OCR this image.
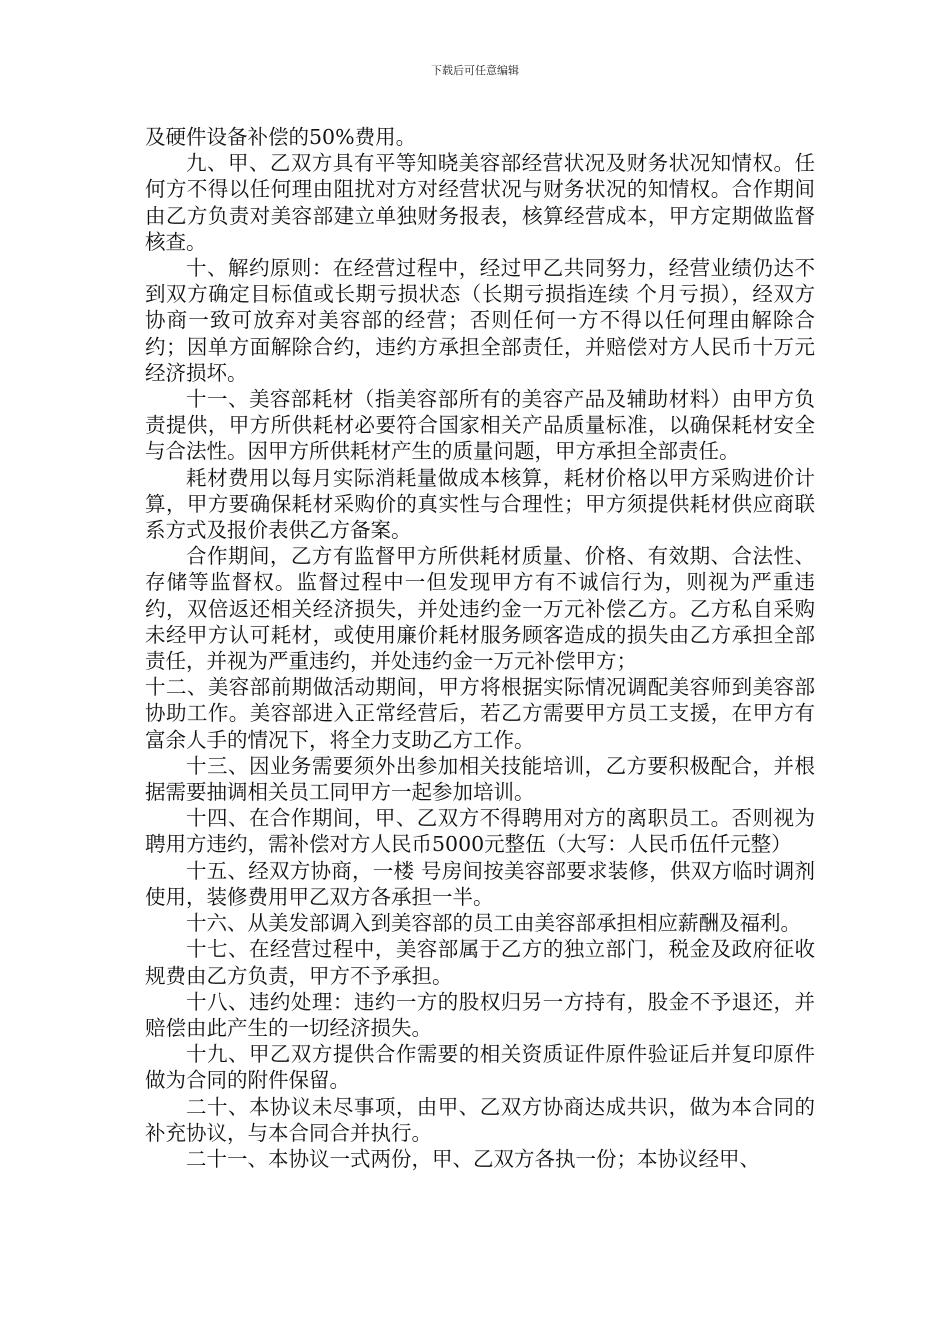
下载后可任意编辑

及硬件设备补偿的50%费用。

九、甲、乙双方具有平等知晓美容部经营状况及财务状况知情权。任何方不得以任何理由阻扰对方对经营状况与财务状况的知情权。合作期间由乙方负责对美容部建立单独财务报表，核算经营成本，甲方定期做监督核查。

十、解约原则：在经营过程中，经过甲乙共同努力，经营业绩仍达不到双方确定目标值或长期亏损状态（长期亏损指连续 个月亏损），经双方协商一致可放弃对美容部的经营；否则任何一方不得以任何理由解除合约；因单方面解除合约，违约方承担全部责任，并赔偿对方人民币十万元经济损坏。

十一、美容部耗材（指美容部所有的美容产品及辅助材料）由甲方负责提供，甲方所供耗材必要符合国家相关产品质量标准，以确保耗材安全与合法性。因甲方所供耗材产生的质量问题，甲方承担全部责任。

耗材费用以每月实际消耗量做成本核算，耗材价格以甲方采购进价计算，甲方要确保耗材采购价的真实性与合理性；甲方须提供耗材供应商联系方式及报价表供乙方备案。

合作期间，乙方有监督甲方所供耗材质量、价格、有效期、合法性、存储等监督权。监督过程中一但发现甲方有不诚信行为，则视为严重违约，双倍返还相关经济损失，并处违约金一万元补偿乙方。乙方私自采购未经甲方认可耗材，或使用廉价耗材服务顾客造成的损失由乙方承担全部责任，并视为严重违约，并处违约金一万元补偿甲方；

十二、美容部前期做活动期间，甲方将根据实际情况调配美容师到美容部协助工作。美容部进入正常经营后，若乙方需要甲方员工支援，在甲方有富余人手的情况下，将全力支助乙方工作。

十三、因业务需要须外出参加相关技能培训，乙方要积极配合，并根据需要抽调相关员工同甲方一起参加培训。

十四、在合作期间，甲、乙双方不得聘用对方的离职员工。否则视为聘用方违约，需补偿对方人民币5000元整伍（大写：人民币伍仟元整）

十五、经双方协商，一楼 号房间按美容部要求装修，供双方临时调剂使用，装修费用甲乙双方各承担一半。

十六、从美发部调入到美容部的员工由美容部承担相应薪酬及福利。

十七、在经营过程中，美容部属于乙方的独立部门，税金及政府征收规费由乙方负责，甲方不予承担。

十八、违约处理：违约一方的股权归另一方持有，股金不予退还，并赔偿由此产生的一切经济损失。

十九、甲乙双方提供合作需要的相关资质证件原件验证后并复印原件做为合同的附件保留。

二十、本协议未尽事项，由甲、乙双方协商达成共识，做为本合同的补充协议，与本合同合并执行。

二十一、本协议一式两份，甲、乙双方各执一份；本协议经甲、
